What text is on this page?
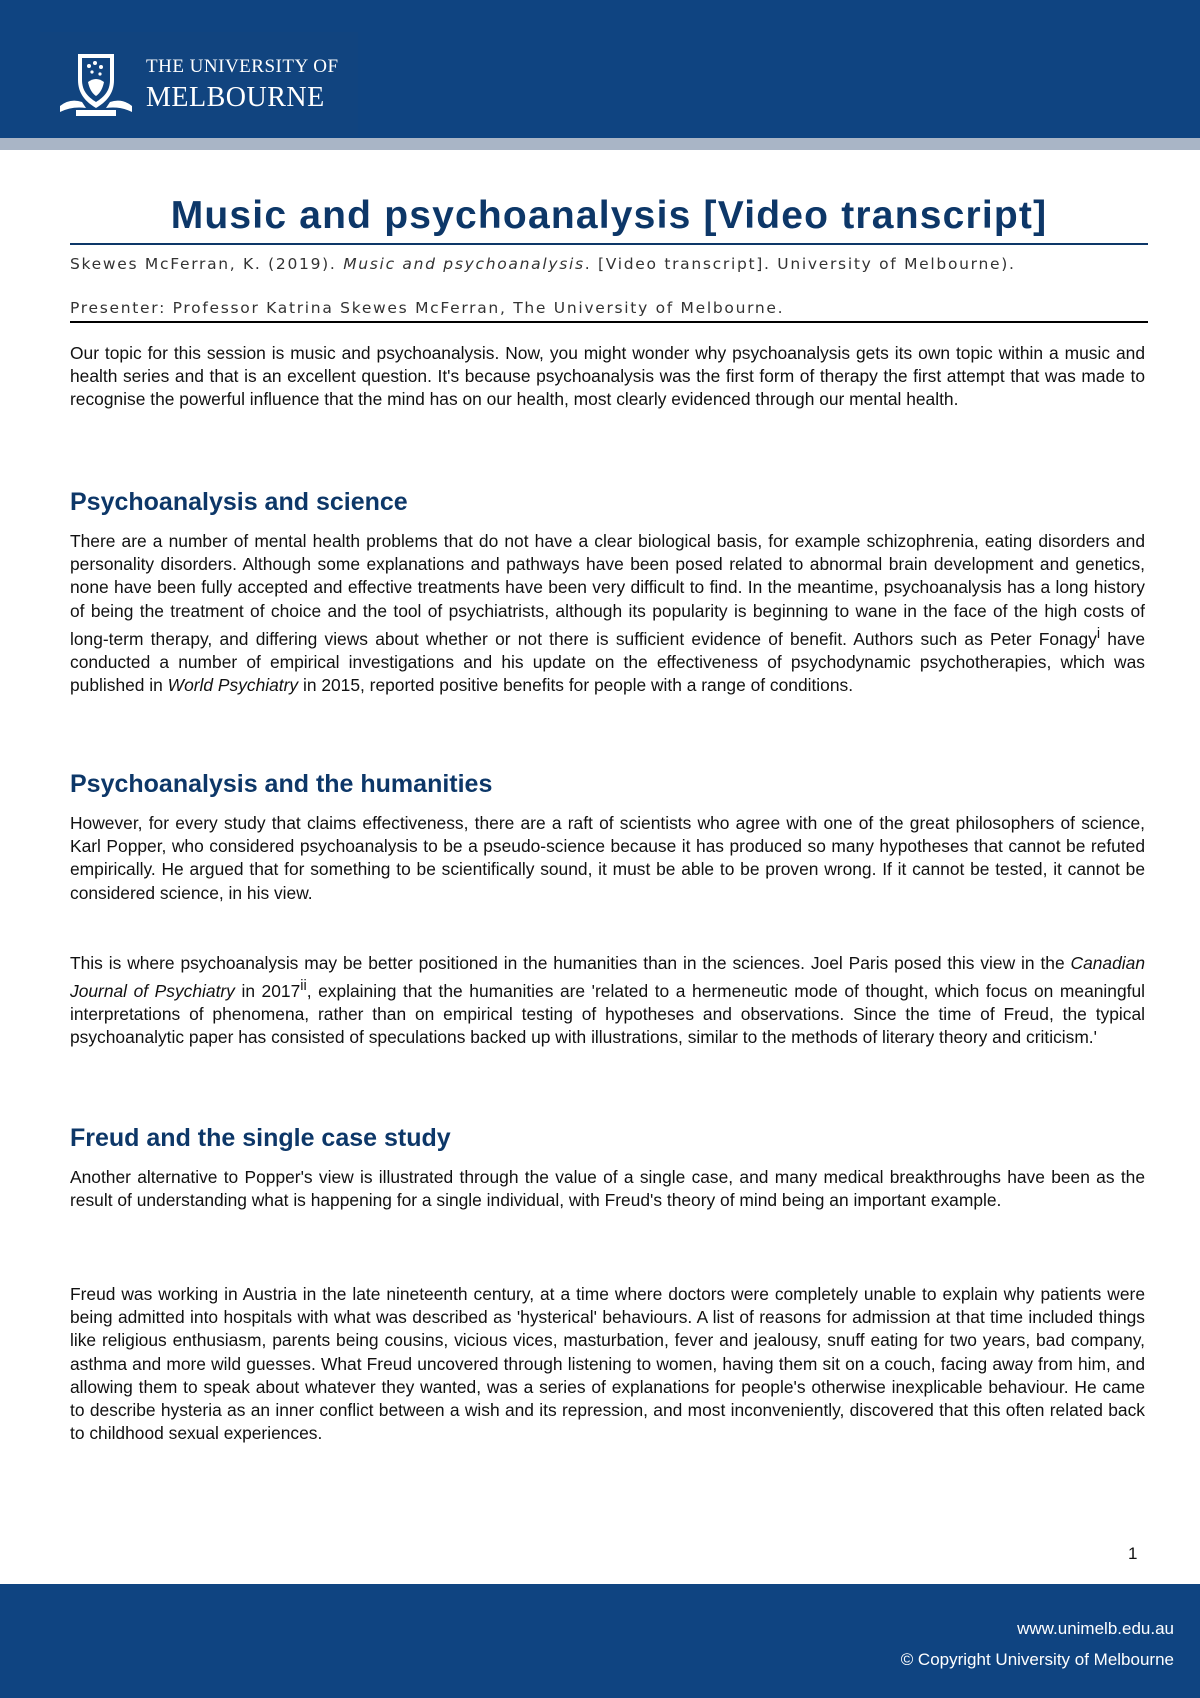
THE UNIVERSITY OF
MELBOURNE
Music and psychoanalysis [Video transcript]
Skewes McFerran, K. (2019). Music and psychoanalysis. [Video transcript]. University of Melbourne).
Presenter: Professor Katrina Skewes McFerran, The University of Melbourne.

Our topic for this session is music and psychoanalysis. Now, you might wonder why psychoanalysis gets its own topic within a music and health series and that is an excellent question. It's because psychoanalysis was the first form of therapy the first attempt that was made to recognise the powerful influence that the mind has on our health, most clearly evidenced through our mental health.

Psychoanalysis and science

There are a number of mental health problems that do not have a clear biological basis, for example schizophrenia, eating disorders and personality disorders. Although some explanations and pathways have been posed related to abnormal brain development and genetics, none have been fully accepted and effective treatments have been very difficult to find. In the meantime, psychoanalysis has a long history of being the treatment of choice and the tool of psychiatrists, although its popularity is beginning to wane in the face of the high costs of long-term therapy, and differing views about whether or not there is sufficient evidence of benefit. Authors such as Peter Fonagy$^i$ have conducted a number of empirical investigations and his update on the effectiveness of psychodynamic psychotherapies, which was published in World Psychiatry in 2015, reported positive benefits for people with a range of conditions.

Psychoanalysis and the humanities

However, for every study that claims effectiveness, there are a raft of scientists who agree with one of the great philosophers of science, Karl Popper, who considered psychoanalysis to be a pseudo-science because it has produced so many hypotheses that cannot be refuted empirically. He argued that for something to be scientifically sound, it must be able to be proven wrong. If it cannot be tested, it cannot be considered science, in his view.

This is where psychoanalysis may be better positioned in the humanities than in the sciences. Joel Paris posed this view in the Canadian Journal of Psychiatry in 2017$^{ii}$, explaining that the humanities are 'related to a hermeneutic mode of thought, which focus on meaningful interpretations of phenomena, rather than on empirical testing of hypotheses and observations. Since the time of Freud, the typical psychoanalytic paper has consisted of speculations backed up with illustrations, similar to the methods of literary theory and criticism.'

Freud and the single case study

Another alternative to Popper's view is illustrated through the value of a single case, and many medical breakthroughs have been as the result of understanding what is happening for a single individual, with Freud's theory of mind being an important example.

Freud was working in Austria in the late nineteenth century, at a time where doctors were completely unable to explain why patients were being admitted into hospitals with what was described as 'hysterical' behaviours. A list of reasons for admission at that time included things like religious enthusiasm, parents being cousins, vicious vices, masturbation, fever and jealousy, snuff eating for two years, bad company, asthma and more wild guesses. What Freud uncovered through listening to women, having them sit on a couch, facing away from him, and allowing them to speak about whatever they wanted, was a series of explanations for people's otherwise inexplicable behaviour. He came to describe hysteria as an inner conflict between a wish and its repression, and most inconveniently, discovered that this often related back to childhood sexual experiences.

1
www.unimelb.edu.au
© Copyright University of Melbourne
